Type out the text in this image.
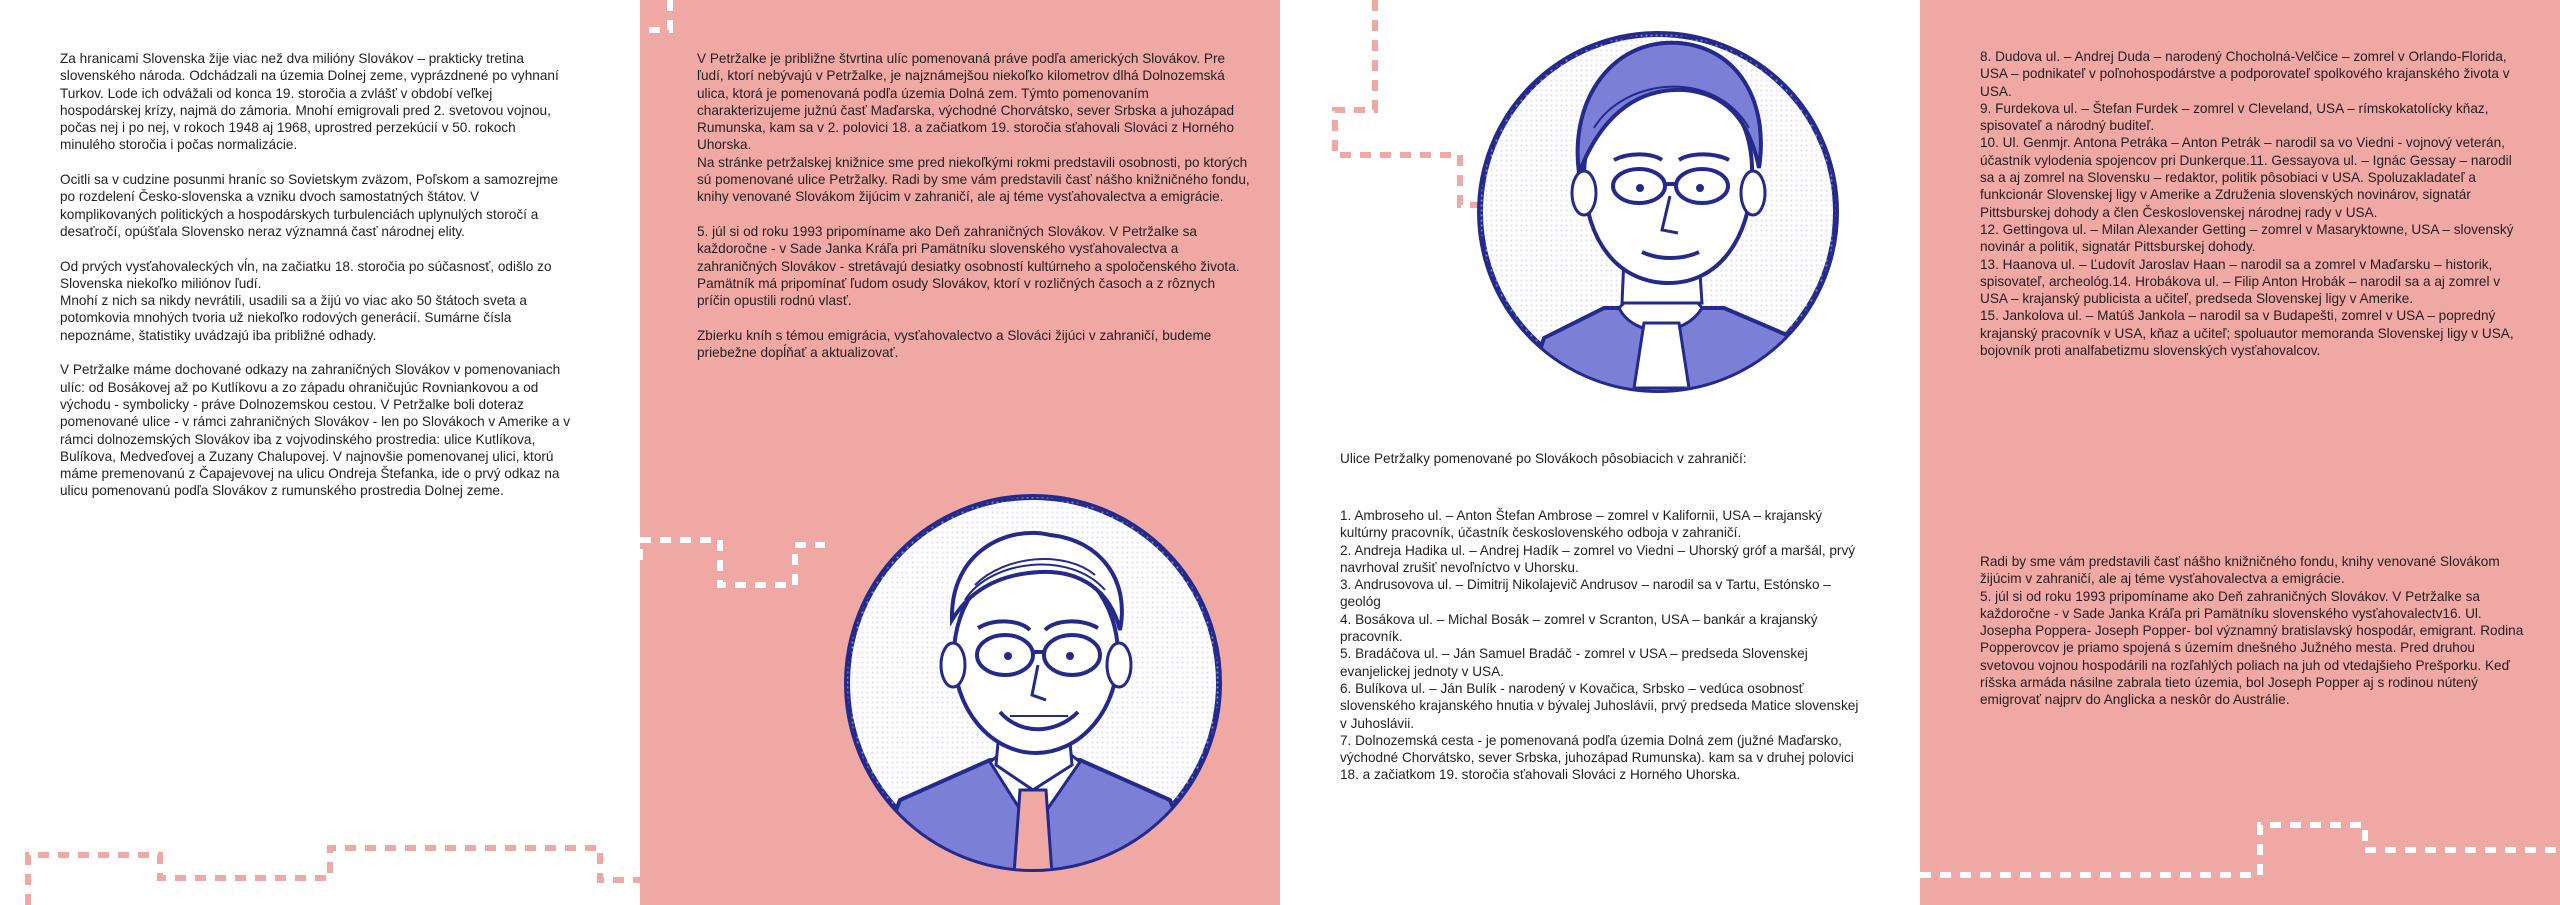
Za hranicami Slovenska žije viac než dva milióny Slovákov – prakticky tretina slovenského národa. Odchádzali na územia Dolnej zeme, vyprázdnené po vyhnaní Turkov. Lode ich odvážali od konca 19. storočia a zvlášť v období veľkej hospodárskej krízy, najmä do zámoria. Mnohí emigrovali pred 2. svetovou vojnou, počas nej i po nej, v rokoch 1948 aj 1968, uprostred perzekúcií v 50. rokoch minulého storočia i počas normalizácie.

Ocitli sa v cudzine posunmi hraníc so Sovietskym zväzom, Poľskom a samozrejme po rozdelení Česko-slovenska a vzniku dvoch samostatných štátov. V komplikovaných politických a hospodárskych turbulenciách uplynulých storočí a desaťročí, opúšťala Slovensko neraz významná časť národnej elity.

Od prvých vysťahovaleckých vĺn, na začiatku 18. storočia po súčasnosť, odišlo zo Slovenska niekoľko miliónov ľudí.
Mnohí z nich sa nikdy nevrátili, usadili sa a žijú vo viac ako 50 štátoch sveta a potomkovia mnohých tvoria už niekoľko rodových generácií. Sumárne čísla nepoznáme, štatistiky uvádzajú iba približné odhady.

V Petržalke máme dochované odkazy na zahraničných Slovákov v pomenovaniach ulíc: od Bosákovej až po Kutlíkovu a zo západu ohraničujúc Rovniankovou a od východu - symbolicky - práve Dolnozemskou cestou. V Petržalke boli doteraz pomenované ulice - v rámci zahraničných Slovákov - len po Slovákoch v Amerike a v rámci dolnozemských Slovákov iba z vojvodinského prostredia: ulice Kutlíkova, Bulíkova, Medveďovej a Zuzany Chalupovej. V najnovšie pomenovanej ulici, ktorú máme premenovanú z Čapajevovej na ulicu Ondreja Štefanka, ide o prvý odkaz na ulicu pomenovanú podľa Slovákov z rumunského prostredia Dolnej zeme.

V Petržalke je približne štvrtina ulíc pomenovaná práve podľa amerických Slovákov. Pre ľudí, ktorí nebývajú v Petržalke, je najznámejšou niekoľko kilometrov dlhá Dolnozemská ulica, ktorá je pomenovaná podľa územia Dolná zem. Týmto pomenovaním charakterizujeme južnú časť Maďarska, východné Chorvátsko, sever Srbska a juhozápad Rumunska, kam sa v 2. polovici 18. a začiatkom 19. storočia sťahovali Slováci z Horného Uhorska.
Na stránke petržalskej knižnice sme pred niekoľkými rokmi predstavili osobnosti, po ktorých sú pomenované ulice Petržalky. Radi by sme vám predstavili časť nášho knižničného fondu, knihy venované Slovákom žijúcim v zahraničí, ale aj téme vysťahovalectva a emigrácie.

5. júl si od roku 1993 pripomíname ako Deň zahraničných Slovákov. V Petržalke sa každoročne - v Sade Janka Kráľa pri Pamätníku slovenského vysťahovalectva a zahraničných Slovákov - stretávajú desiatky osobností kultúrneho a spoločenského života. Pamätník má pripomínať ľudom osudy Slovákov, ktorí v rozličných časoch a z rôznych príčin opustili rodnú vlasť.

Zbierku kníh s témou emigrácia, vysťahovalectvo a Slováci žijúci v zahraničí, budeme priebežne dopĺňať a aktualizovať.

Ulice Petržalky pomenované po Slovákoch pôsobiacich v zahraničí:

1. Ambroseho ul. – Anton Štefan Ambrose – zomrel v Kalifornii, USA – krajanský kultúrny pracovník, účastník československého odboja v zahraničí.
2. Andreja Hadika ul. – Andrej Hadík – zomrel vo Viedni – Uhorský gróf a maršál, prvý navrhoval zrušiť nevoľníctvo v Uhorsku.
3. Andrusovova ul. – Dimitrij Nikolajevič Andrusov – narodil sa v Tartu, Estónsko – geológ
4. Bosákova ul. – Michal Bosák – zomrel v Scranton, USA – bankár a krajanský pracovník.
5. Bradáčova ul. – Ján Samuel Bradáč - zomrel v USA – predseda Slovenskej evanjelickej jednoty v USA.
6. Bulíkova ul. – Ján Bulík - narodený v Kovačica, Srbsko – vedúca osobnosť slovenského krajanského hnutia v bývalej Juhoslávii, prvý predseda Matice slovenskej v Juhoslávii.
7. Dolnozemská cesta - je pomenovaná podľa územia Dolná zem (južné Maďarsko, východné Chorvátsko, sever Srbska, juhozápad Rumunska). kam sa v druhej polovici 18. a začiatkom 19. storočia sťahovali Slováci z Horného Uhorska.

8. Dudova ul. – Andrej Duda – narodený Chocholná-Velčice – zomrel v Orlando-Florida, USA – podnikateľ v poľnohospodárstve a podporovateľ spolkového krajanského života v USA.
9. Furdekova ul. – Štefan Furdek – zomrel v Cleveland, USA – rímskokatolícky kňaz, spisovateľ a národný buditeľ.
10. Ul. Genmjr. Antona Petráka – Anton Petrák – narodil sa vo Viedni - vojnový veterán, účastník vylodenia spojencov pri Dunkerque.11. Gessayova ul. – Ignác Gessay – narodil sa a aj zomrel na Slovensku – redaktor, politik pôsobiaci v USA. Spoluzakladateľ a funkcionár Slovenskej ligy v Amerike a Združenia slovenských novinárov, signatár Pittsburskej dohody a člen Československej národnej rady v USA.
12. Gettingova ul. – Milan Alexander Getting – zomrel v Masaryktowne, USA – slovenský novinár a politik, signatár Pittsburskej dohody.
13. Haanova ul. – Ľudovít Jaroslav Haan – narodil sa a zomrel v Maďarsku – historik, spisovateľ, archeológ.14. Hrobákova ul. – Filip Anton Hrobák – narodil sa a aj zomrel v USA – krajanský publicista a učiteľ, predseda Slovenskej ligy v Amerike.
15. Jankolova ul. – Matúš Jankola – narodil sa v Budapešti, zomrel v USA – popredný krajanský pracovník v USA, kňaz a učiteľ; spoluautor memoranda Slovenskej ligy v USA, bojovník proti analfabetizmu slovenských vysťahovalcov.

Radi by sme vám predstavili časť nášho knižničného fondu, knihy venované Slovákom žijúcim v zahraničí, ale aj téme vysťahovalectva a emigrácie.
5. júl si od roku 1993 pripomíname ako Deň zahraničných Slovákov. V Petržalke sa každoročne - v Sade Janka Kráľa pri Pamätníku slovenského vysťahovalectv16. Ul. Josepha Poppera- Joseph Popper- bol významný bratislavský hospodár, emigrant. Rodina Popperovcov je priamo spojená s územím dnešného Južného mesta. Pred druhou svetovou vojnou hospodárili na rozľahlých poliach na juh od vtedajšieho Prešporku. Keď ríšska armáda násilne zabrala tieto územia, bol Joseph Popper aj s rodinou nútený emigrovať najprv do Anglicka a neskôr do Austrálie.
